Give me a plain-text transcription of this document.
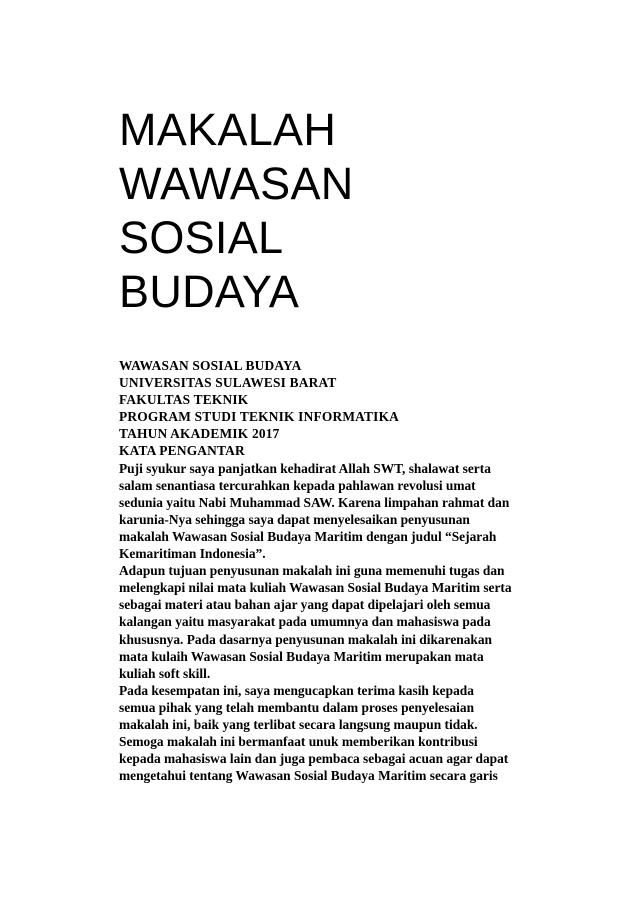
MAKALAH
WAWASAN
SOSIAL
BUDAYA
WAWASAN SOSIAL BUDAYA
UNIVERSITAS SULAWESI BARAT
FAKULTAS TEKNIK
PROGRAM STUDI TEKNIK INFORMATIKA
TAHUN AKADEMIK 2017
KATA PENGANTAR
Puji syukur saya panjatkan kehadirat Allah SWT, shalawat serta
salam senantiasa tercurahkan kepada pahlawan revolusi umat
sedunia yaitu Nabi Muhammad SAW. Karena limpahan rahmat dan
karunia-Nya sehingga saya dapat menyelesaikan penyusunan
makalah Wawasan Sosial Budaya Maritim dengan judul “Sejarah
Kemaritiman Indonesia”.
Adapun tujuan penyusunan makalah ini guna memenuhi tugas dan
melengkapi nilai mata kuliah Wawasan Sosial Budaya Maritim serta
sebagai materi atau bahan ajar yang dapat dipelajari oleh semua
kalangan yaitu masyarakat pada umumnya dan mahasiswa pada
khususnya. Pada dasarnya penyusunan makalah ini dikarenakan
mata kulaih Wawasan Sosial Budaya Maritim merupakan mata
kuliah soft skill.
Pada kesempatan ini, saya mengucapkan terima kasih kepada
semua pihak yang telah membantu dalam proses penyelesaian
makalah ini, baik yang terlibat secara langsung maupun tidak.
Semoga makalah ini bermanfaat unuk memberikan kontribusi
kepada mahasiswa lain dan juga pembaca sebagai acuan agar dapat
mengetahui tentang Wawasan Sosial Budaya Maritim secara garis
